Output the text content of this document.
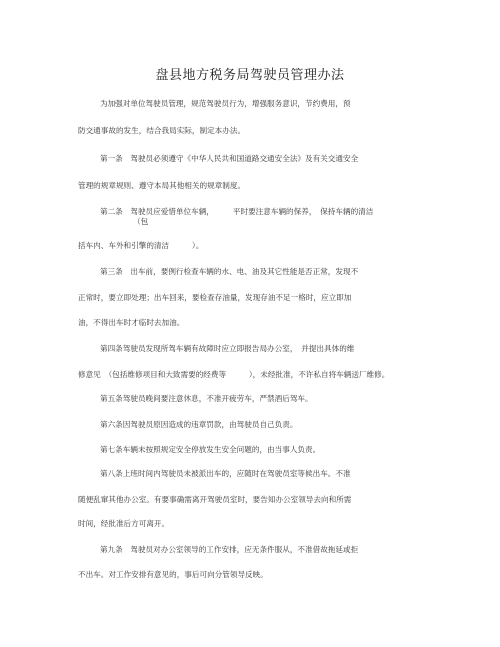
盘县地方税务局驾驶员管理办法
为加强对单位驾驶员管理，规范驾驶员行为，增强服务意识，节约费用，预
防交通事故的发生，结合我局实际，制定本办法。
第一条　驾驶员必须遵守《中华人民共和国道路交通安全法》及有关交通安全
管理的规章规则、遵守本局其他相关的规章制度。
第二条　驾驶员应爱惜单位车辆，　　　平时要注意车辆的保养，　保持车辆的清洁
（包
括车内、车外和引擎的清洁　　　）。
第三条　出车前，要例行检查车辆的水、电、油及其它性能是否正常，发现不
正常时，要立即处理；出车回来，要检查存油量，发现存油不足一格时，应立即加
油，不得出车时才临时去加油。
第四条驾驶员发现所驾车辆有故障时应立即报告局办公室，　并提出具体的维
修意见　（包括维修项目和大致需要的经费等　　　），未经批准，不许私自将车辆送厂维修。
第五条驾驶员晚间要注意休息，不准开疲劳车，严禁酒后驾车。
第六条因驾驶员原因造成的违章罚款，由驾驶员自己负责。
第七条车辆未按照规定安全停放发生安全问题的，由当事人负责。
第八条上班时间内驾驶员未被派出车的，应随时在驾驶员室等候出车。不准
随便乱窜其他办公室。有要事确需离开驾驶员室时，要告知办公室领导去向和所需
时间，经批准后方可离开。
第九条　驾驶员对办公室领导的工作安排，应无条件服从，不准借故拖延或拒
不出车。对工作安排有意见的，事后可向分管领导反映。
